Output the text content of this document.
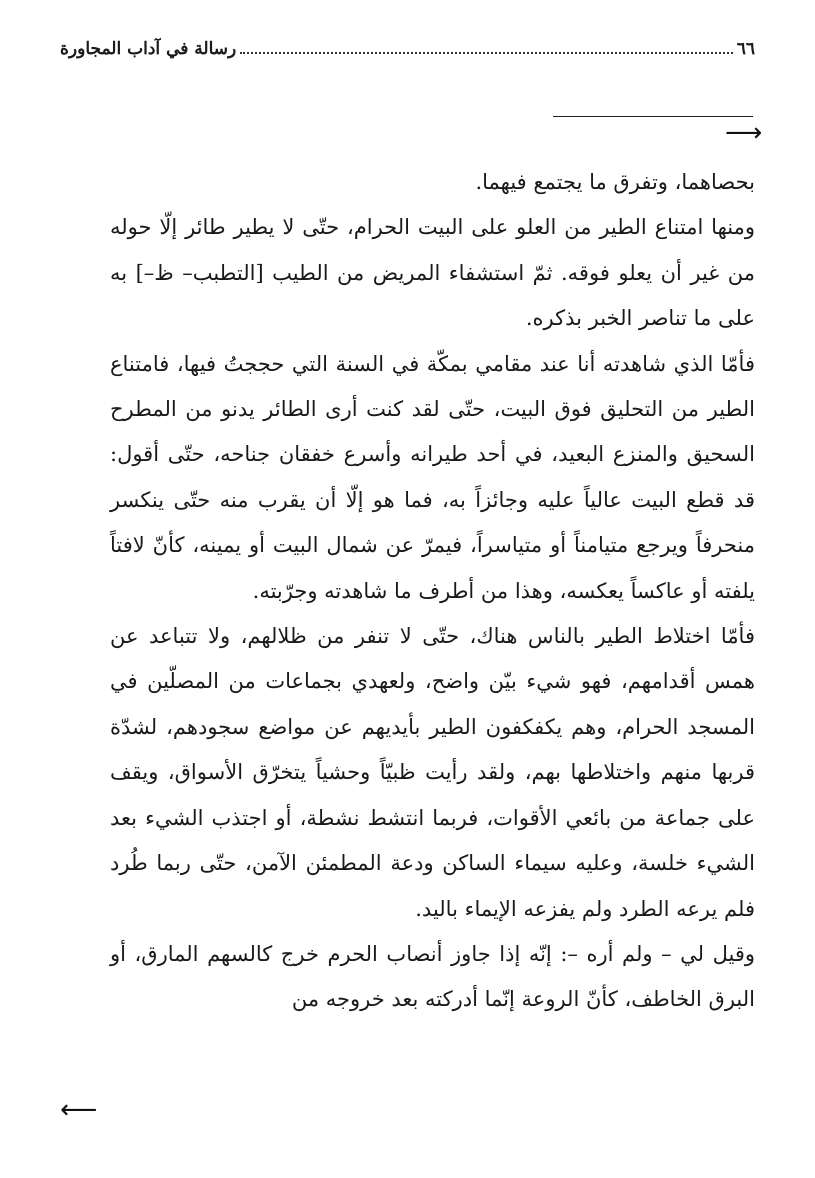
٦٦
رسالة في آداب المجاورة
⟶

بحصاهما، وتفرق ما يجتمع فيهما.

ومنها امتناع الطير من العلو على البيت الحرام، حتّى لا يطير طائر إلّا حوله من غير أن يعلو فوقه. ثمّ استشفاء المريض من الطيب [التطبب– ظ–] به على ما تناصر الخبر بذكره.

فأمّا الذي شاهدته أنا عند مقامي بمكّة في السنة التي حججتُ فيها، فامتناع الطير من التحليق فوق البيت، حتّى لقد كنت أرى الطائر يدنو من المطرح السحيق والمنزع البعيد، في أحد طيرانه وأسرع خفقان جناحه، حتّى أقول: قد قطع البيت عالياً عليه وجائزاً به، فما هو إلّا أن يقرب منه حتّى ينكسر منحرفاً ويرجع متيامناً أو متياسراً، فيمرّ عن شمال البيت أو يمينه، كأنّ لافتاً يلفته أو عاكساً يعكسه، وهذا من أطرف ما شاهدته وجرّبته.

فأمّا اختلاط الطير بالناس هناك، حتّى لا تنفر من ظلالهم، ولا تتباعد عن همس أقدامهم، فهو شيء بيّن واضح، ولعهدي بجماعات من المصلّين في المسجد الحرام، وهم يكفكفون الطير بأيديهم عن مواضع سجودهم، لشدّة قربها منهم واختلاطها بهم، ولقد رأيت ظبيّاً وحشياً يتخرّق الأسواق، ويقف على جماعة من بائعي الأقوات، فربما انتشط نشطة، أو اجتذب الشيء بعد الشيء خلسة، وعليه سيماء الساكن ودعة المطمئن الآمن، حتّى ربما طُرد فلم يرعه الطرد ولم يفزعه الإيماء باليد.

وقيل لي – ولم أره –: إنّه إذا جاوز أنصاب الحرم خرج كالسهم المارق، أو البرق الخاطف، كأنّ الروعة إنّما أدركته بعد خروجه من

⟵
